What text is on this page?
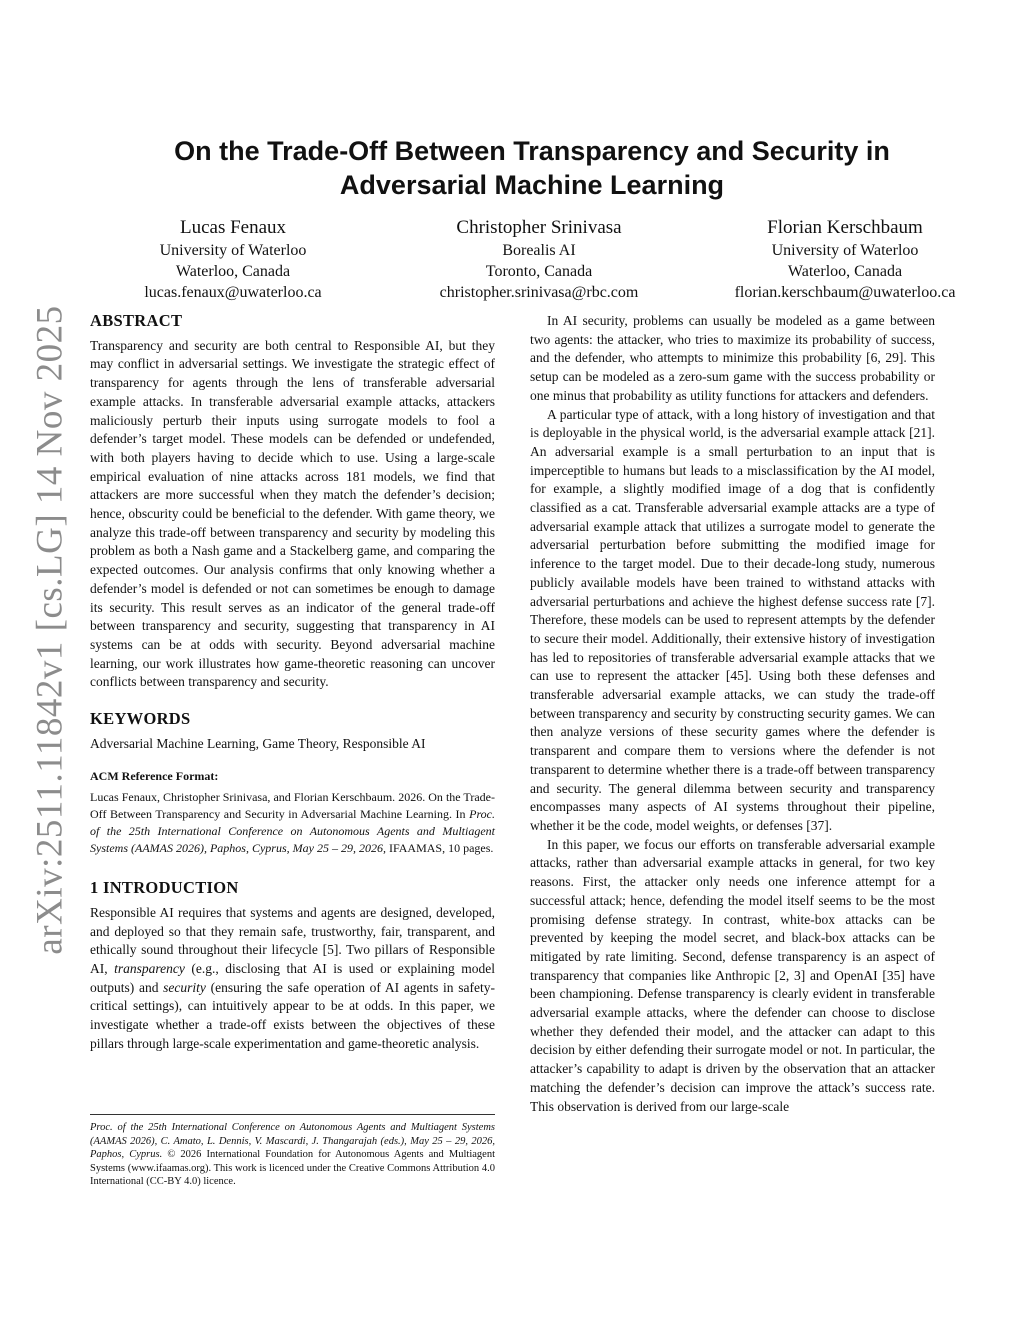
arXiv:2511.11842v1 [cs.LG] 14 Nov 2025
On the Trade-Off Between Transparency and Security in Adversarial Machine Learning
Lucas Fenaux
University of Waterloo
Waterloo, Canada
lucas.fenaux@uwaterloo.ca
Christopher Srinivasa
Borealis AI
Toronto, Canada
christopher.srinivasa@rbc.com
Florian Kerschbaum
University of Waterloo
Waterloo, Canada
florian.kerschbaum@uwaterloo.ca
ABSTRACT

Transparency and security are both central to Responsible AI, but they may conflict in adversarial settings. We investigate the strategic effect of transparency for agents through the lens of transferable adversarial example attacks. In transferable adversarial example attacks, attackers maliciously perturb their inputs using surrogate models to fool a defender’s target model. These models can be defended or undefended, with both players having to decide which to use. Using a large-scale empirical evaluation of nine attacks across 181 models, we find that attackers are more successful when they match the defender’s decision; hence, obscurity could be beneficial to the defender. With game theory, we analyze this trade-off between transparency and security by modeling this problem as both a Nash game and a Stackelberg game, and comparing the expected outcomes. Our analysis confirms that only knowing whether a defender’s model is defended or not can sometimes be enough to damage its security. This result serves as an indicator of the general trade-off between transparency and security, suggesting that transparency in AI systems can be at odds with security. Beyond adversarial machine learning, our work illustrates how game-theoretic reasoning can uncover conflicts between transparency and security.

KEYWORDS

Adversarial Machine Learning, Game Theory, Responsible AI

ACM Reference Format:
Lucas Fenaux, Christopher Srinivasa, and Florian Kerschbaum. 2026. On the Trade-Off Between Transparency and Security in Adversarial Machine Learning. In Proc. of the 25th International Conference on Autonomous Agents and Multiagent Systems (AAMAS 2026), Paphos, Cyprus, May 25 – 29, 2026, IFAAMAS, 10 pages.
1 INTRODUCTION

Responsible AI requires that systems and agents are designed, developed, and deployed so that they remain safe, trustworthy, fair, transparent, and ethically sound throughout their lifecycle [5]. Two pillars of Responsible AI, transparency (e.g., disclosing that AI is used or explaining model outputs) and security (ensuring the safe operation of AI agents in safety-critical settings), can intuitively appear to be at odds. In this paper, we investigate whether a trade-off exists between the objectives of these pillars through large-scale experimentation and game-theoretic analysis.

Proc. of the 25th International Conference on Autonomous Agents and Multiagent Systems (AAMAS 2026), C. Amato, L. Dennis, V. Mascardi, J. Thangarajah (eds.), May 25 – 29, 2026, Paphos, Cyprus. © 2026 International Foundation for Autonomous Agents and Multiagent Systems (www.ifaamas.org). This work is licenced under the Creative Commons Attribution 4.0 International (CC-BY 4.0) licence.

In AI security, problems can usually be modeled as a game between two agents: the attacker, who tries to maximize its probability of success, and the defender, who attempts to minimize this probability [6, 29]. This setup can be modeled as a zero-sum game with the success probability or one minus that probability as utility functions for attackers and defenders.

A particular type of attack, with a long history of investigation and that is deployable in the physical world, is the adversarial example attack [21]. An adversarial example is a small perturbation to an input that is imperceptible to humans but leads to a misclassification by the AI model, for example, a slightly modified image of a dog that is confidently classified as a cat. Transferable adversarial example attacks are a type of adversarial example attack that utilizes a surrogate model to generate the adversarial perturbation before submitting the modified image for inference to the target model. Due to their decade-long study, numerous publicly available models have been trained to withstand attacks with adversarial perturbations and achieve the highest defense success rate [7]. Therefore, these models can be used to represent attempts by the defender to secure their model. Additionally, their extensive history of investigation has led to repositories of transferable adversarial example attacks that we can use to represent the attacker [45]. Using both these defenses and transferable adversarial example attacks, we can study the trade-off between transparency and security by constructing security games. We can then analyze versions of these security games where the defender is transparent and compare them to versions where the defender is not transparent to determine whether there is a trade-off between transparency and security. The general dilemma between security and transparency encompasses many aspects of AI systems throughout their pipeline, whether it be the code, model weights, or defenses [37].

In this paper, we focus our efforts on transferable adversarial example attacks, rather than adversarial example attacks in general, for two key reasons. First, the attacker only needs one inference attempt for a successful attack; hence, defending the model itself seems to be the most promising defense strategy. In contrast, white-box attacks can be prevented by keeping the model secret, and black-box attacks can be mitigated by rate limiting. Second, defense transparency is an aspect of transparency that companies like Anthropic [2, 3] and OpenAI [35] have been championing. Defense transparency is clearly evident in transferable adversarial example attacks, where the defender can choose to disclose whether they defended their model, and the attacker can adapt to this decision by either defending their surrogate model or not. In particular, the attacker’s capability to adapt is driven by the observation that an attacker matching the defender’s decision can improve the attack’s success rate. This observation is derived from our large-scale
